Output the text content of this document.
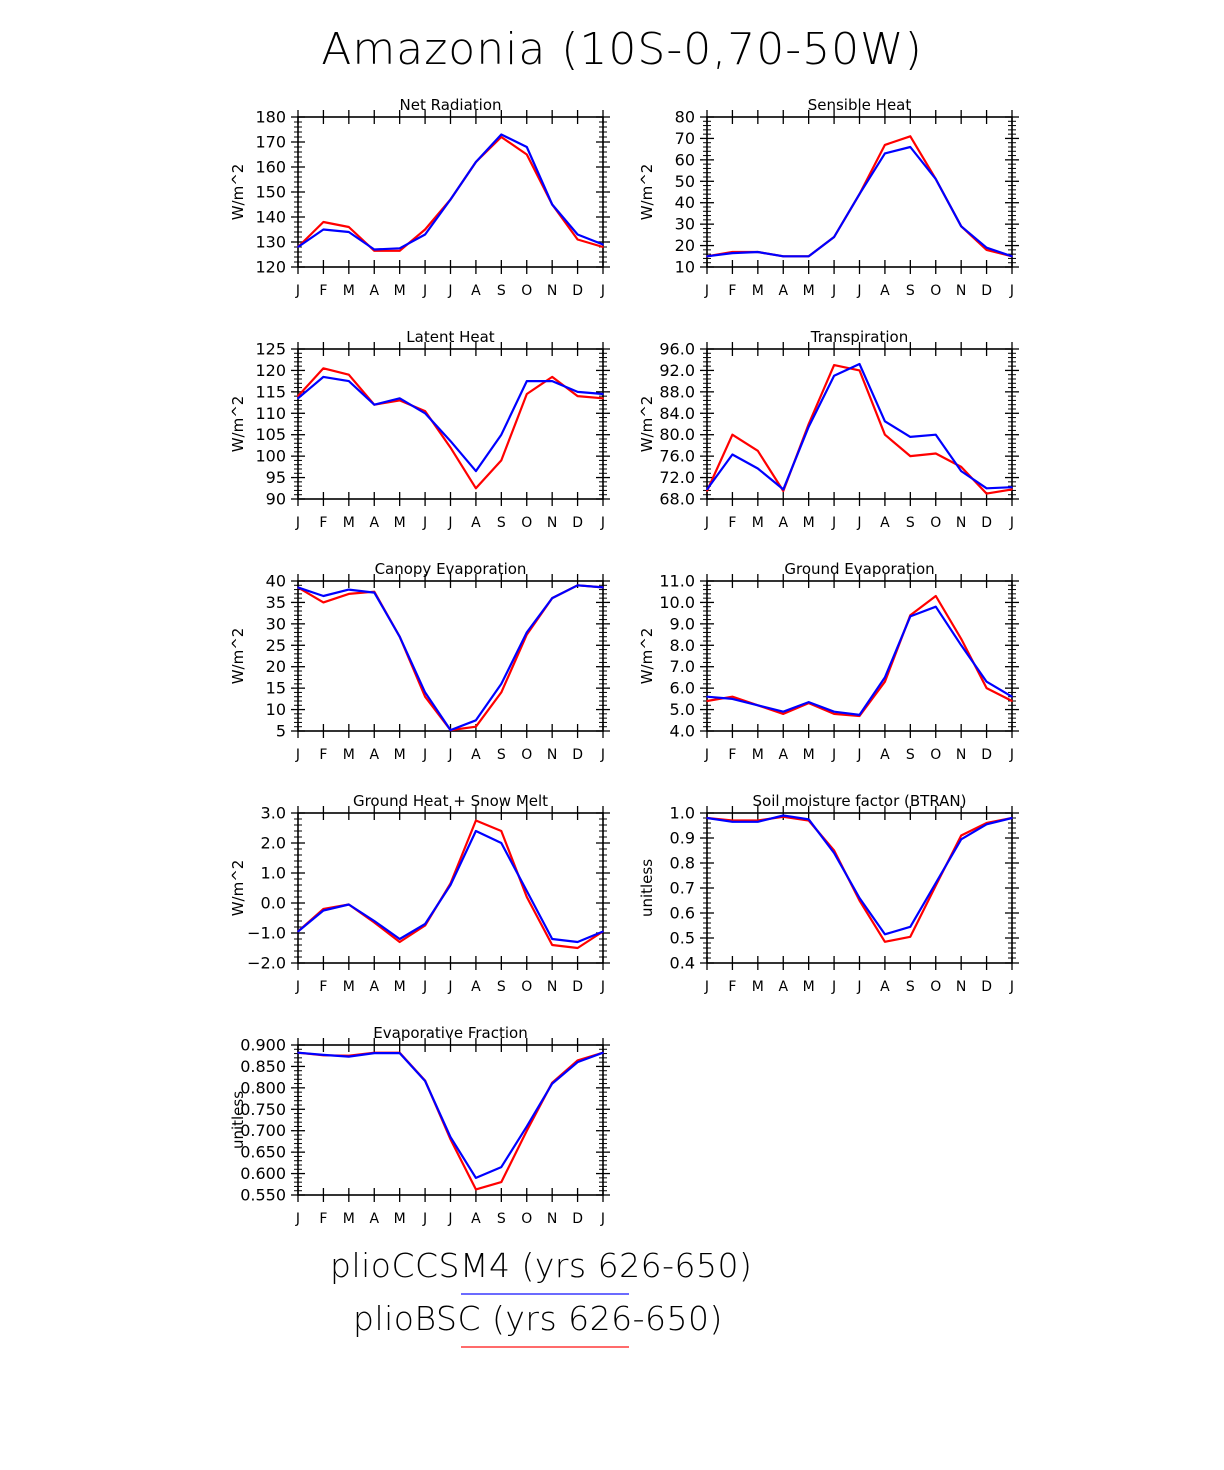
Amazonia (10S-0,70-50W)
Net Radiation
W/m^2
120
130
140
150
160
170
180
J F M A M J J A S O N D J
Sensible Heat
W/m^2
10
20
30
40
50
60
70
80
J F M A M J J A S O N D J
Latent Heat
W/m^2
90
95
100
105
110
115
120
125
J F M A M J J A S O N D J
Transpiration
W/m^2
68.0
72.0
76.0
80.0
84.0
88.0
92.0
96.0
J F M A M J J A S O N D J
Canopy Evaporation
W/m^2
5
10
15
20
25
30
35
40
J F M A M J J A S O N D J
Ground Evaporation
W/m^2
4.0
5.0
6.0
7.0
8.0
9.0
10.0
11.0
J F M A M J J A S O N D J
Ground Heat + Snow Melt
W/m^2
−2.0
−1.0
0.0
1.0
2.0
3.0
J F M A M J J A S O N D J
Soil moisture factor (BTRAN)
unitless
0.4
0.5
0.6
0.7
0.8
0.9
1.0
J F M A M J J A S O N D J
Evaporative Fraction
unitless
0.550
0.600
0.650
0.700
0.750
0.800
0.850
0.900
J F M A M J J A S O N D J
plioCCSM4 (yrs 626-650)
plioBSC (yrs 626-650)
